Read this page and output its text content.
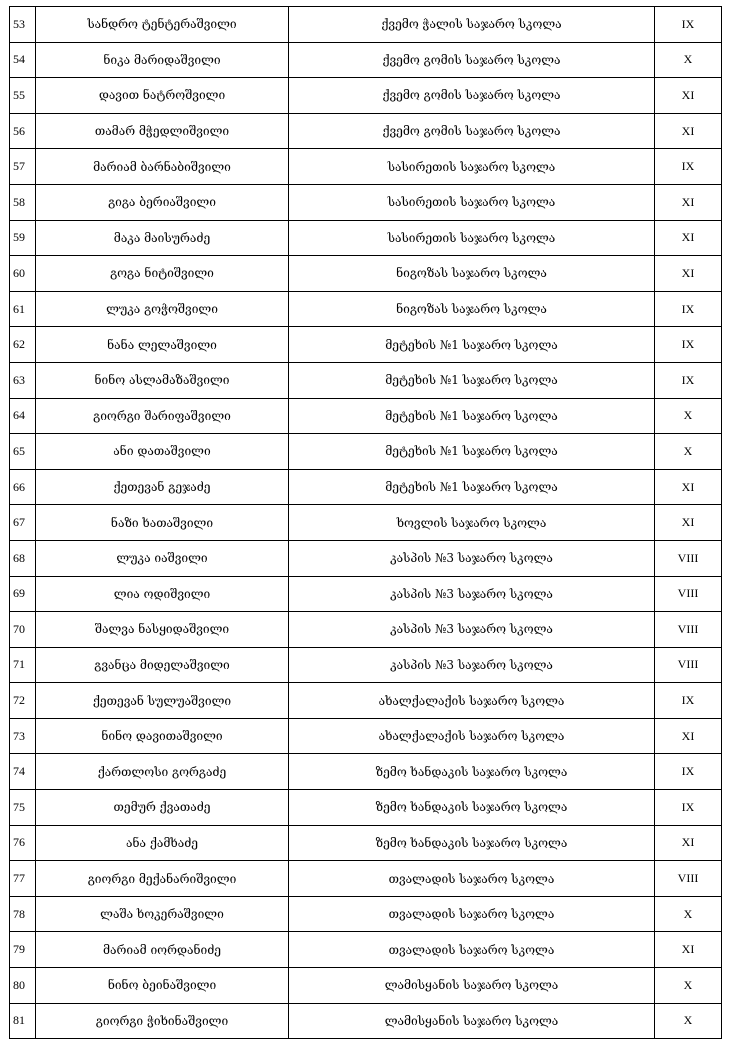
53	სანდრო ტენტერაშვილი	ქვემო ჭალის საჯარო სკოლა	IX
54	ნიკა მარიდაშვილი	ქვემო გომის საჯარო სკოლა	X
55	დავით ნატროშვილი	ქვემო გომის საჯარო სკოლა	XI
56	თამარ მჭედლიშვილი	ქვემო გომის საჯარო სკოლა	XI
57	მარიამ ბარნაბიშვილი	სასირეთის საჯარო სკოლა	IX
58	გიგა ბერიაშვილი	სასირეთის საჯარო სკოლა	XI
59	მაკა მაისურაძე	სასირეთის საჯარო სკოლა	XI
60	გოგა ნიტიშვილი	ნიგოზას საჯარო სკოლა	XI
61	ლუკა გოჭოშვილი	ნიგოზას საჯარო სკოლა	IX
62	ნანა ლელაშვილი	მეტეხის №1 საჯარო სკოლა	IX
63	ნინო ასლამაზაშვილი	მეტეხის №1 საჯარო სკოლა	IX
64	გიორგი შარიფაშვილი	მეტეხის №1 საჯარო სკოლა	X
65	ანი დათაშვილი	მეტეხის №1 საჯარო სკოლა	X
66	ქეთევან გეჯაძე	მეტეხის №1 საჯარო სკოლა	XI
67	ნაზი ხათაშვილი	ხოვლის საჯარო სკოლა	XI
68	ლუკა იაშვილი	კასპის №3 საჯარო სკოლა	VIII
69	ლია ოდიშვილი	კასპის №3 საჯარო სკოლა	VIII
70	შალვა ნასყიდაშვილი	კასპის №3 საჯარო სკოლა	VIII
71	გვანცა მიდელაშვილი	კასპის №3 საჯარო სკოლა	VIII
72	ქეთევან სულუაშვილი	ახალქალაქის საჯარო სკოლა	IX
73	ნინო დავითაშვილი	ახალქალაქის საჯარო სკოლა	XI
74	ქართლოსი გორგაძე	ზემო ხანდაკის საჯარო სკოლა	IX
75	თემურ ქვათაძე	ზემო ხანდაკის საჯარო სკოლა	IX
76	ანა ქამხაძე	ზემო ხანდაკის საჯარო სკოლა	XI
77	გიორგი მექანარიშვილი	თვალადის საჯარო სკოლა	VIII
78	ლაშა ხოკერაშვილი	თვალადის საჯარო სკოლა	X
79	მარიამ იორდანიძე	თვალადის საჯარო სკოლა	XI
80	ნინო ბეინაშვილი	ლამისყანის საჯარო სკოლა	X
81	გიორგი ჭიხინაშვილი	ლამისყანის საჯარო სკოლა	X
